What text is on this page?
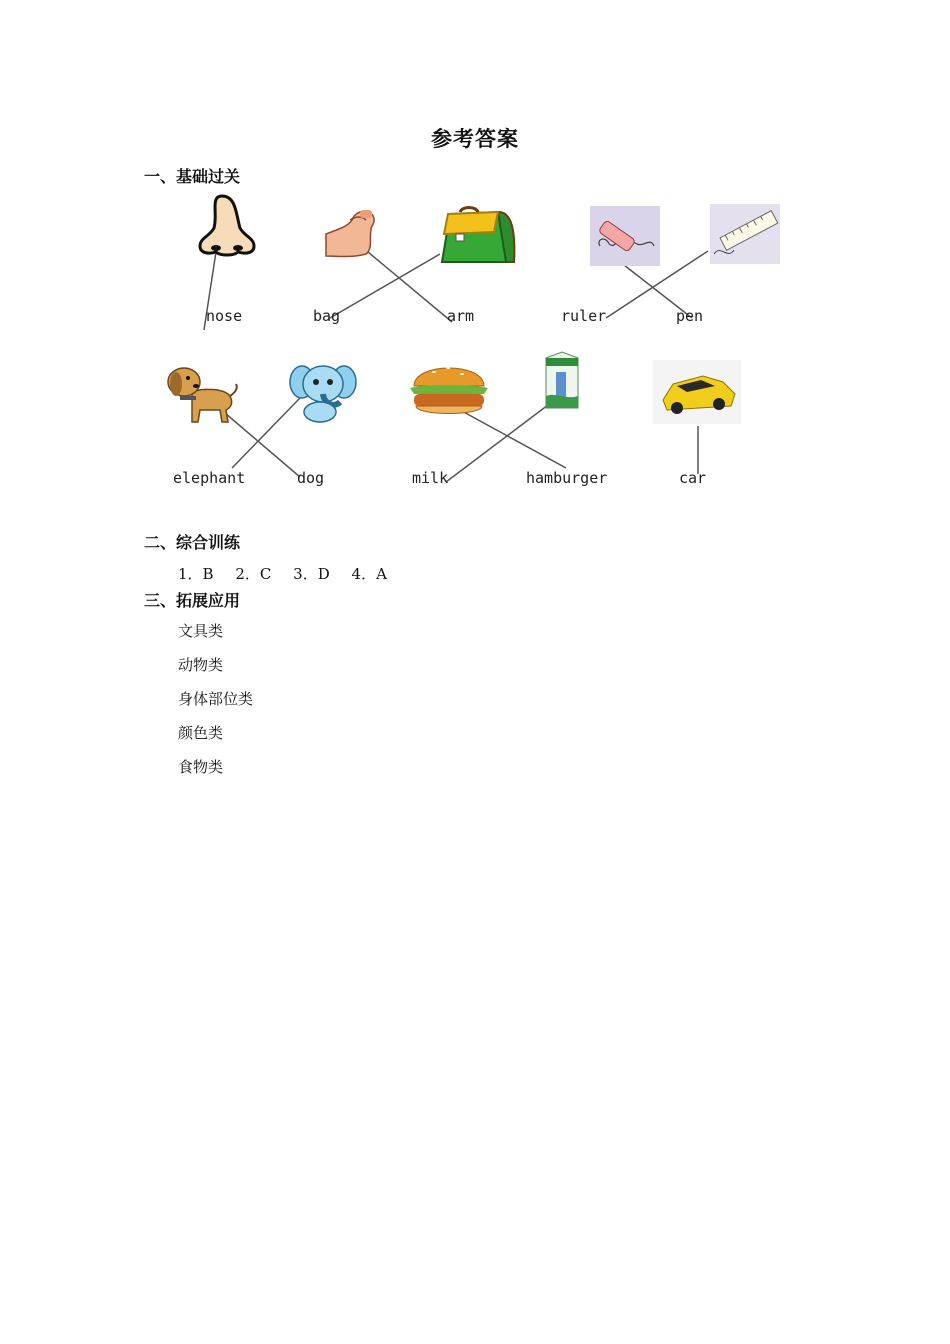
参考答案
一、基础过关
nose	bag	arm	ruler	pen
elephant	dog	milk	hamburger	car
二、综合训练
1．B 2．C 3．D 4．A
三、拓展应用
文具类
动物类
身体部位类
颜色类
食物类
